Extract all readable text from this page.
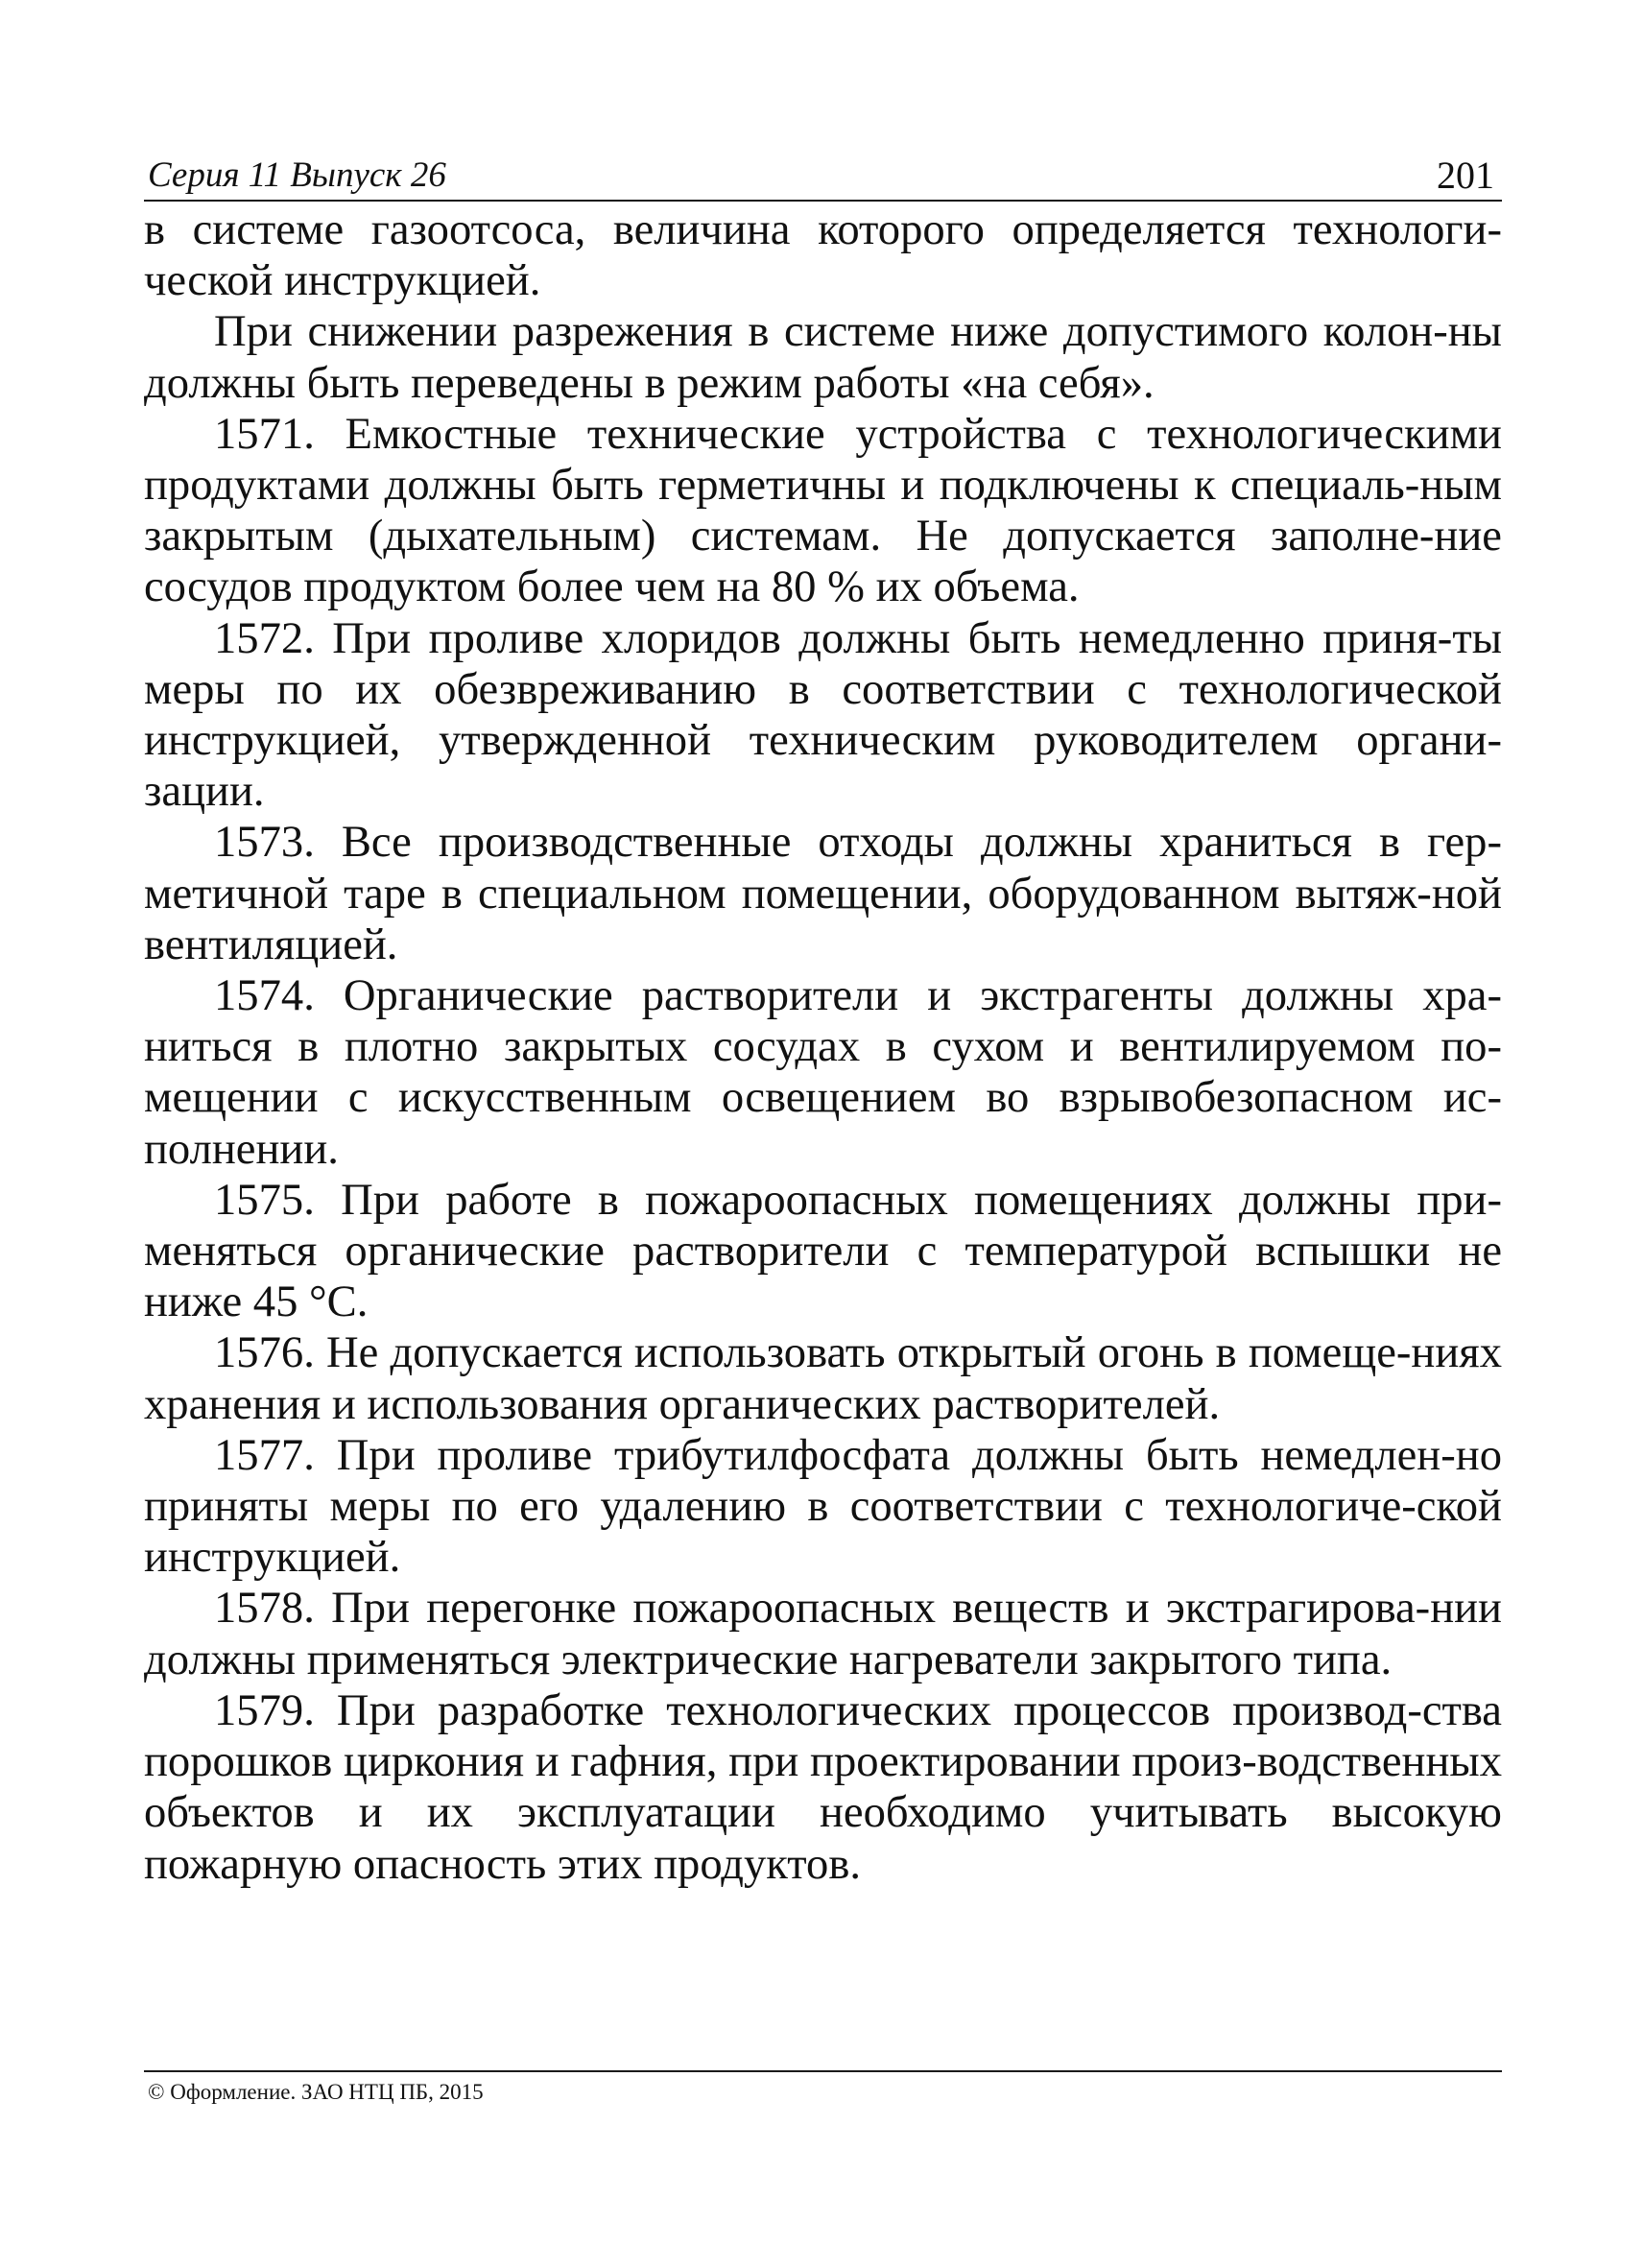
Серия 11 Выпуск 26	201

в системе газоотсоса, величина которого определяется технологи-ческой инструкцией.

При снижении разрежения в системе ниже допустимого колон-ны должны быть переведены в режим работы «на себя».

1571. Емкостные технические устройства с технологическими продуктами должны быть герметичны и подключены к специаль-ным закрытым (дыхательным) системам. Не допускается заполне-ние сосудов продуктом более чем на 80 % их объема.

1572. При проливе хлоридов должны быть немедленно приня-ты меры по их обезвреживанию в соответствии с технологической инструкцией, утвержденной техническим руководителем органи-зации.

1573. Все производственные отходы должны храниться в гер-метичной таре в специальном помещении, оборудованном вытяж-ной вентиляцией.

1574. Органические растворители и экстрагенты должны хра-ниться в плотно закрытых сосудах в сухом и вентилируемом по-мещении с искусственным освещением во взрывобезопасном ис-полнении.

1575. При работе в пожароопасных помещениях должны при-меняться органические растворители с температурой вспышки не ниже 45 °С.

1576. Не допускается использовать открытый огонь в помеще-ниях хранения и использования органических растворителей.

1577. При проливе трибутилфосфата должны быть немедлен-но приняты меры по его удалению в соответствии с технологиче-ской инструкцией.

1578. При перегонке пожароопасных веществ и экстрагирова-нии должны применяться электрические нагреватели закрытого типа.

1579. При разработке технологических процессов производ-ства порошков циркония и гафния, при проектировании произ-водственных объектов и их эксплуатации необходимо учитывать высокую пожарную опасность этих продуктов.

© Оформление. ЗАО НТЦ ПБ, 2015
